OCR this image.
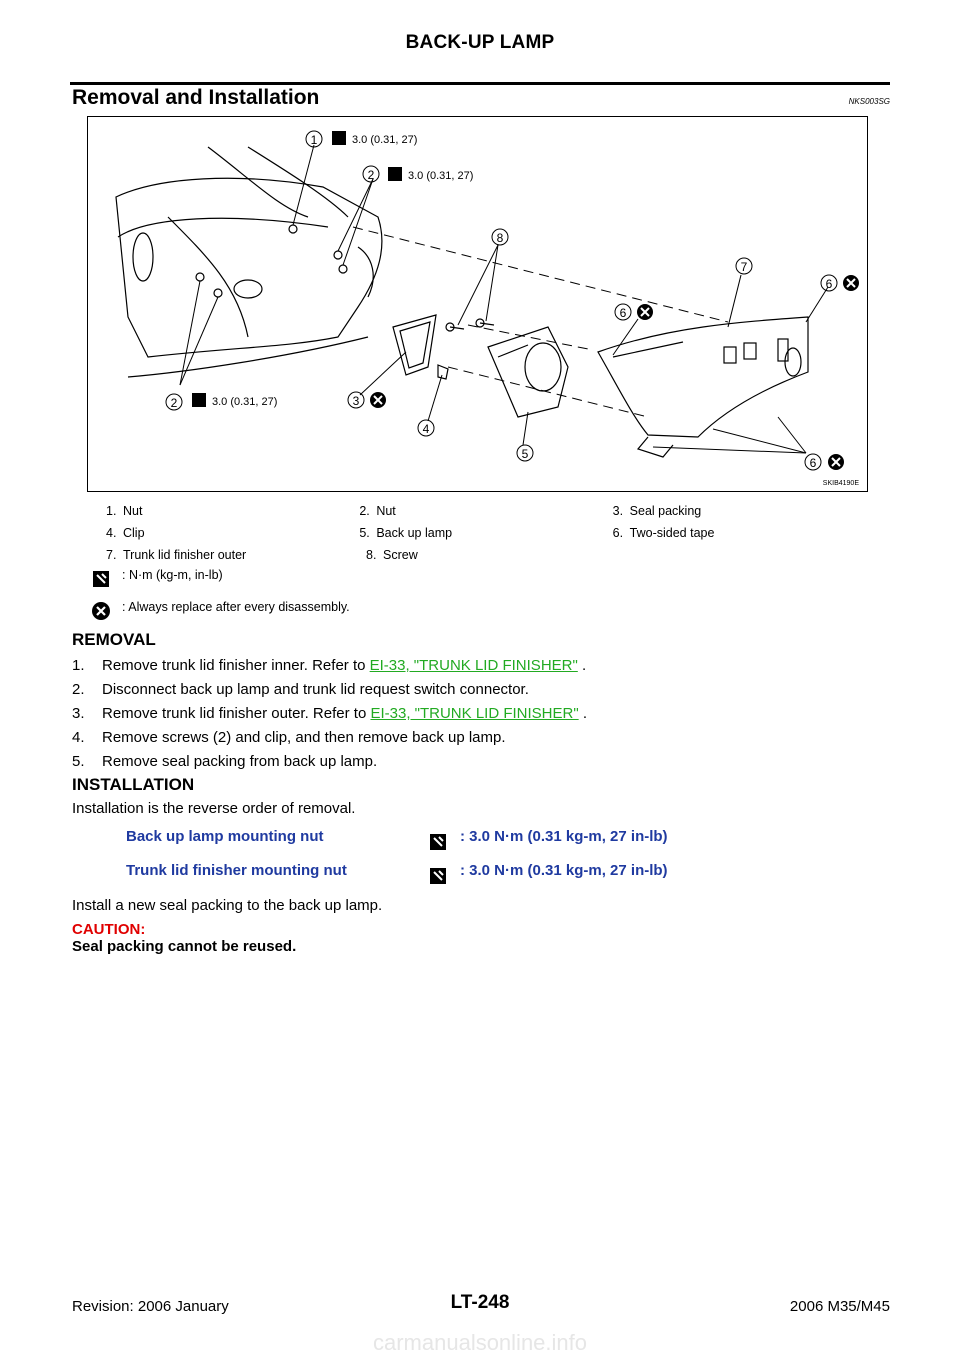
BACK-UP LAMP
Removal and Installation	NKS003SG
1
2
2	3
4
5
6
6
6
7
8
3.0 (0.31, 27)
3.0 (0.31, 27)
3.0 (0.31, 27)
SKIB4190E
1. Nut	2. Nut	3. Seal packing
4. Clip	5. Back up lamp	6. Two-sided tape
7. Trunk lid finisher outer	8. Screw
: N·m (kg-m, in-lb)
: Always replace after every disassembly.
REMOVAL
1. Remove trunk lid finisher inner. Refer to EI-33, "TRUNK LID FINISHER" .
2. Disconnect back up lamp and trunk lid request switch connector.
3. Remove trunk lid finisher outer. Refer to EI-33, "TRUNK LID FINISHER" .
4. Remove screws (2) and clip, and then remove back up lamp.
5. Remove seal packing from back up lamp.
INSTALLATION
Installation is the reverse order of removal.
Back up lamp mounting nut	: 3.0 N·m (0.31 kg-m, 27 in-lb)
Trunk lid finisher mounting nut	: 3.0 N·m (0.31 kg-m, 27 in-lb)
Install a new seal packing to the back up lamp.
CAUTION:
Seal packing cannot be reused.
Revision: 2006 January	LT-248	2006 M35/M45
carmanualsonline.info
